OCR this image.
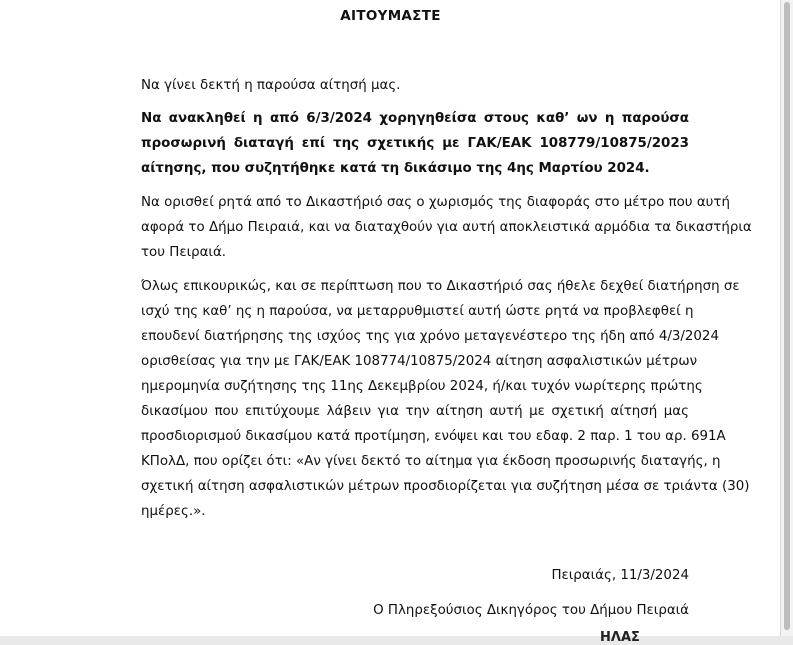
ΑΙΤΟΥΜΑΣΤΕ
Να γίνει δεκτή η παρούσα αίτησή μας.
Να ανακληθεί η από 6/3/2024 χορηγηθείσα στους καθ’ ων η παρούσα
προσωρινή διαταγή επί της σχετικής με ΓΑΚ/ΕΑΚ 108779/10875/2023
αίτησης, που συζητήθηκε κατά τη δικάσιμο της 4ης Μαρτίου 2024.
Να ορισθεί ρητά από το Δικαστήριό σας ο χωρισμός της διαφοράς στο μέτρο που αυτή
αφορά το Δήμο Πειραιά, και να διαταχθούν για αυτή αποκλειστικά αρμόδια τα δικαστήρια
του Πειραιά.
Όλως επικουρικώς, και σε περίπτωση που το Δικαστήριό σας ήθελε δεχθεί διατήρηση σε
ισχύ της καθ’ ης η παρούσα, να μεταρρυθμιστεί αυτή ώστε ρητά να προβλεφθεί η
επουδενί διατήρησης της ισχύος της για χρόνο μεταγενέστερο της ήδη από 4/3/2024
ορισθείσας για την με ΓΑΚ/ΕΑΚ 108774/10875/2024 αίτηση ασφαλιστικών μέτρων
ημερομηνία συζήτησης της 11ης Δεκεμβρίου 2024, ή/και τυχόν νωρίτερης πρώτης
δικασίμου που επιτύχουμε λάβειν για την αίτηση αυτή με σχετική αίτησή μας
προσδιορισμού δικασίμου κατά προτίμηση, ενόψει και του εδαφ. 2 παρ. 1 του αρ. 691Α
ΚΠολΔ, που ορίζει ότι: «Αν γίνει δεκτό το αίτημα για έκδοση προσωρινής διαταγής, η
σχετική αίτηση ασφαλιστικών μέτρων προσδιορίζεται για συζήτηση μέσα σε τριάντα (30)
ημέρες.».
Πειραιάς, 11/3/2024
Ο Πληρεξούσιος Δικηγόρος του Δήμου Πειραιά
ΗΛΑΣ
